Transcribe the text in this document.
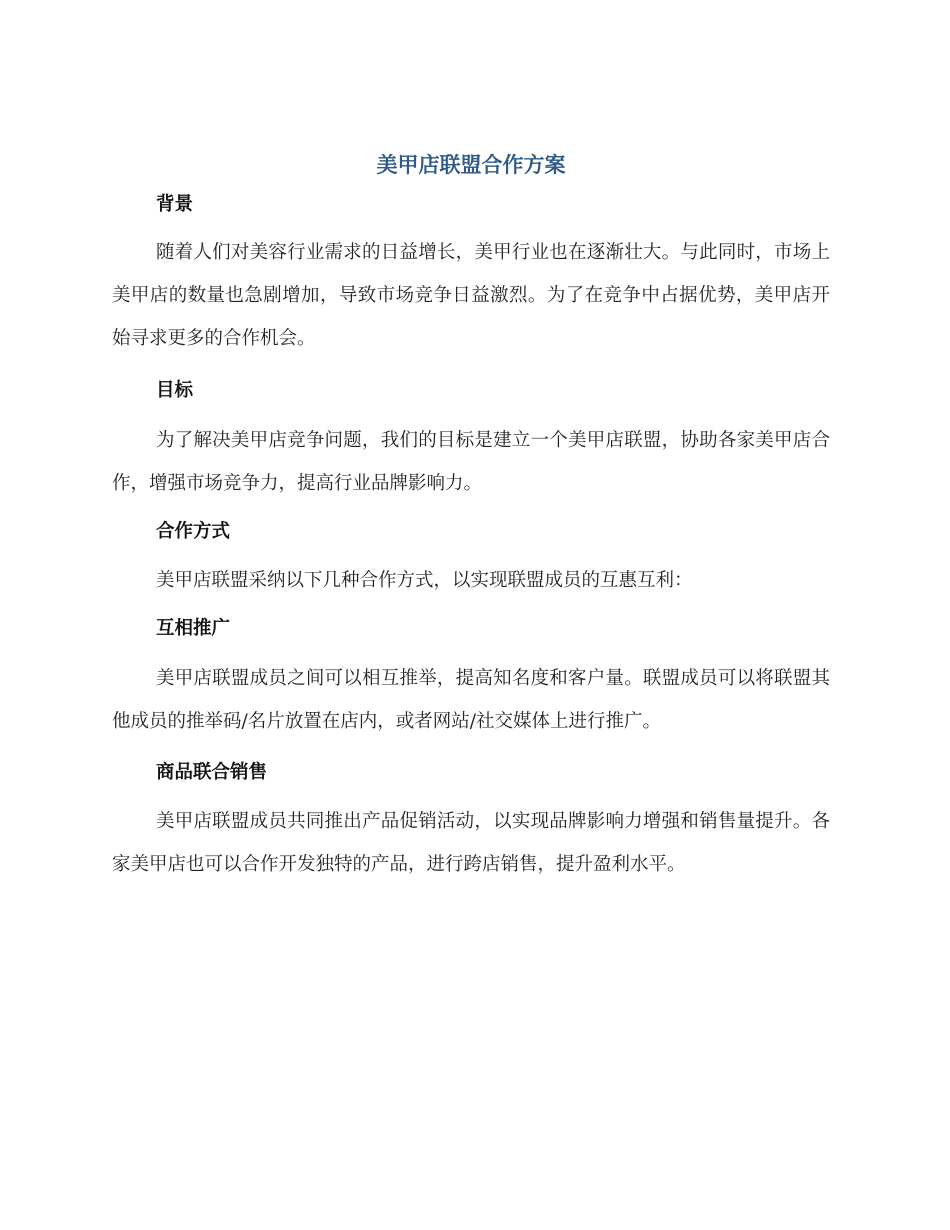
美甲店联盟合作方案
背景

随着人们对美容行业需求的日益增长，美甲行业也在逐渐壮大。与此同时，市场上美甲店的数量也急剧增加，导致市场竞争日益激烈。为了在竞争中占据优势，美甲店开始寻求更多的合作机会。

目标

为了解决美甲店竞争问题，我们的目标是建立一个美甲店联盟，协助各家美甲店合作，增强市场竞争力，提高行业品牌影响力。

合作方式

美甲店联盟采纳以下几种合作方式，以实现联盟成员的互惠互利：

互相推广

美甲店联盟成员之间可以相互推举，提高知名度和客户量。联盟成员可以将联盟其他成员的推举码/名片放置在店内，或者网站/社交媒体上进行推广。

商品联合销售

美甲店联盟成员共同推出产品促销活动，以实现品牌影响力增强和销售量提升。各家美甲店也可以合作开发独特的产品，进行跨店销售，提升盈利水平。
